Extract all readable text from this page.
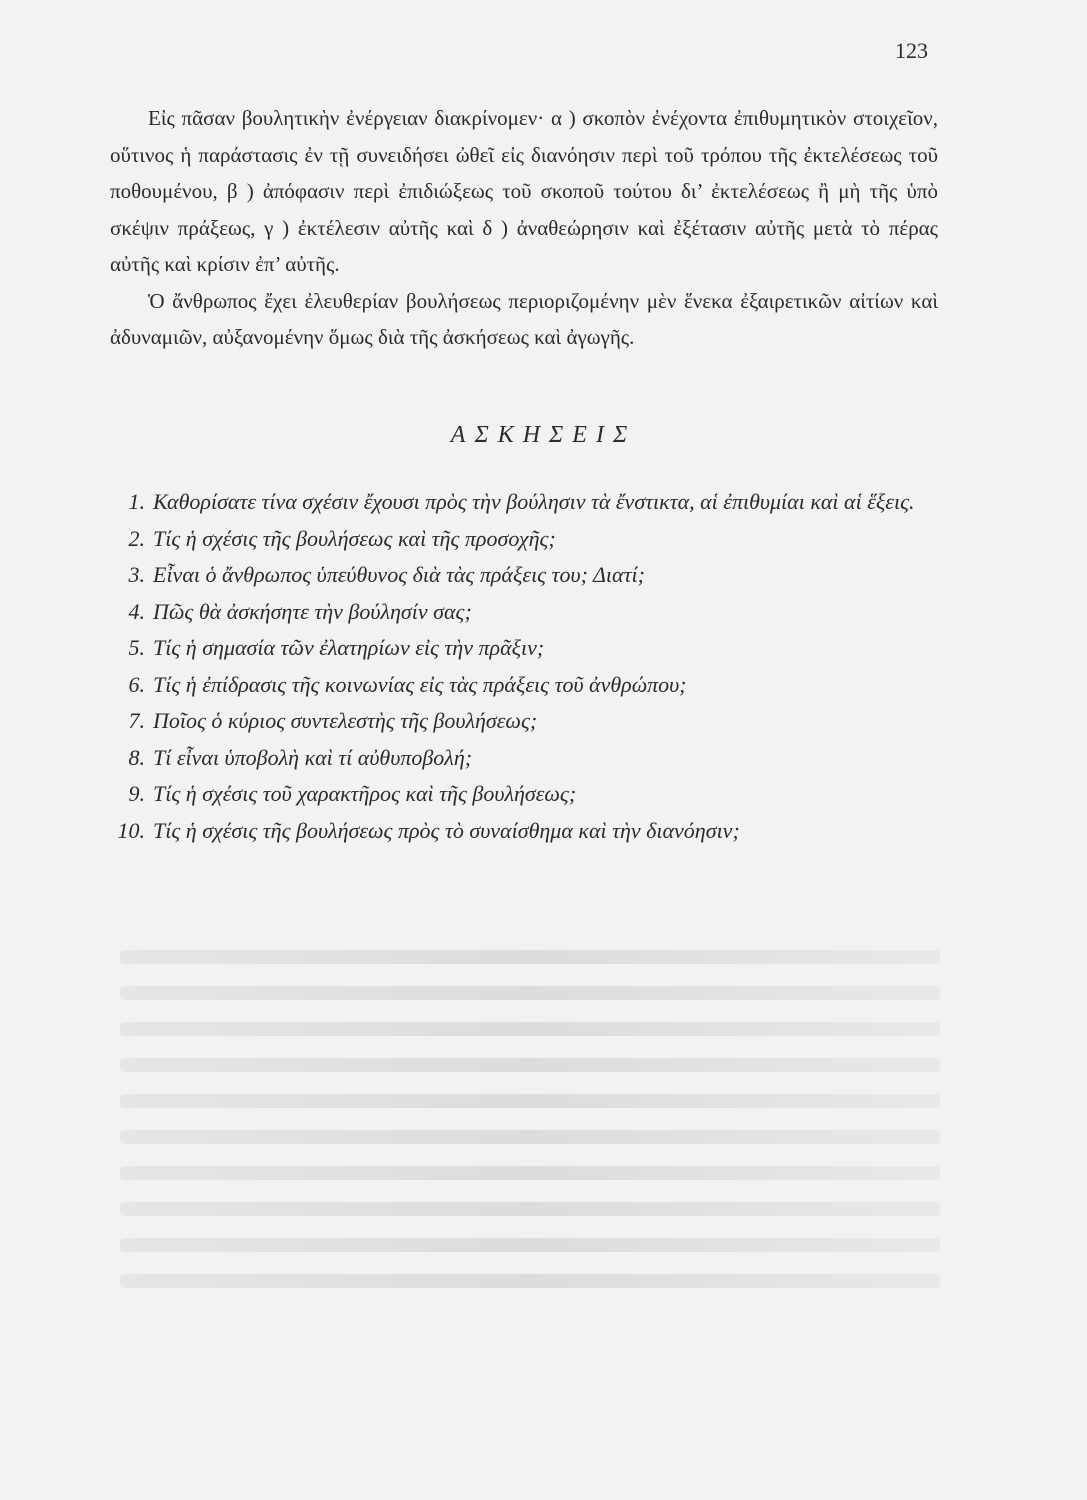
123

Εἰς πᾶσαν βουλητικὴν ἐνέργειαν διακρίνομεν· α ) σκοπὸν ἐνέχοντα ἐπιθυμητικὸν στοιχεῖον, οὕτινος ἡ παράστασις ἐν τῇ συνειδήσει ὠθεῖ εἰς διανόησιν περὶ τοῦ τρόπου τῆς ἐκτελέσεως τοῦ ποθουμένου, β ) ἀπόφασιν περὶ ἐπιδιώξεως τοῦ σκοποῦ τούτου δι’ ἐκτελέσεως ἢ μὴ τῆς ὑπὸ σκέψιν πράξεως, γ ) ἐκτέλεσιν αὐτῆς καὶ δ ) ἀναθεώρησιν καὶ ἐξέτασιν αὐτῆς μετὰ τὸ πέρας αὐτῆς καὶ κρίσιν ἐπ’ αὐτῆς.

Ὁ ἄνθρωπος ἔχει ἐλευθερίαν βουλήσεως περιοριζομένην μὲν ἕνεκα ἐξαιρετικῶν αἰτίων καὶ ἀδυναμιῶν, αὐξανομένην ὅμως διὰ τῆς ἀσκήσεως καὶ ἀγωγῆς.

ΑΣΚΗΣΕΙΣ
1. Καθορίσατε τίνα σχέσιν ἔχουσι πρὸς τὴν βούλησιν τὰ ἔνστικτα, αἱ ἐπιθυμίαι καὶ αἱ ἕξεις.
2. Τίς ἡ σχέσις τῆς βουλήσεως καὶ τῆς προσοχῆς;
3. Εἶναι ὁ ἄνθρωπος ὑπεύθυνος διὰ τὰς πράξεις του; Διατί;
4. Πῶς θὰ ἀσκήσητε τὴν βούλησίν σας;
5. Τίς ἡ σημασία τῶν ἐλατηρίων εἰς τὴν πρᾶξιν;
6. Τίς ἡ ἐπίδρασις τῆς κοινωνίας εἰς τὰς πράξεις τοῦ ἀνθρώπου;
7. Ποῖος ὁ κύριος συντελεστὴς τῆς βουλήσεως;
8. Τί εἶναι ὑποβολὴ καὶ τί αὐθυποβολή;
9. Τίς ἡ σχέσις τοῦ χαρακτῆρος καὶ τῆς βουλήσεως;
10. Τίς ἡ σχέσις τῆς βουλήσεως πρὸς τὸ συναίσθημα καὶ τὴν διανόησιν;
